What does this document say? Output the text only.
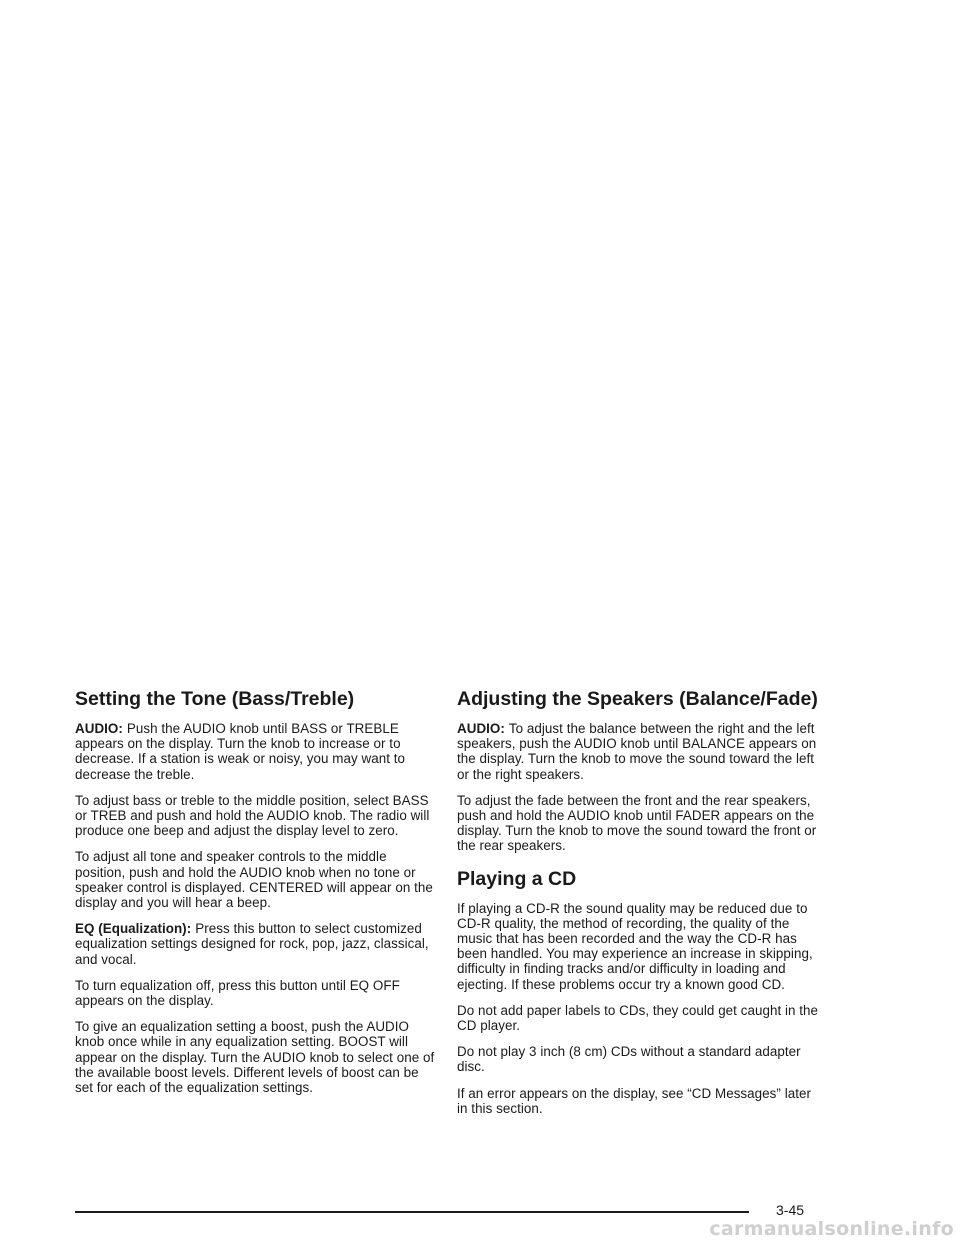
Setting the Tone (Bass/Treble)

AUDIO: Push the AUDIO knob until BASS or TREBLE appears on the display. Turn the knob to increase or to decrease. If a station is weak or noisy, you may want to decrease the treble.

To adjust bass or treble to the middle position, select BASS or TREB and push and hold the AUDIO knob. The radio will produce one beep and adjust the display level to zero.

To adjust all tone and speaker controls to the middle position, push and hold the AUDIO knob when no tone or speaker control is displayed. CENTERED will appear on the display and you will hear a beep.

EQ (Equalization): Press this button to select customized equalization settings designed for rock, pop, jazz, classical, and vocal.

To turn equalization off, press this button until EQ OFF appears on the display.

To give an equalization setting a boost, push the AUDIO knob once while in any equalization setting. BOOST will appear on the display. Turn the AUDIO knob to select one of the available boost levels. Different levels of boost can be set for each of the equalization settings.

Adjusting the Speakers (Balance/Fade)

AUDIO: To adjust the balance between the right and the left speakers, push the AUDIO knob until BALANCE appears on the display. Turn the knob to move the sound toward the left or the right speakers.

To adjust the fade between the front and the rear speakers, push and hold the AUDIO knob until FADER appears on the display. Turn the knob to move the sound toward the front or the rear speakers.

Playing a CD

If playing a CD-R the sound quality may be reduced due to CD-R quality, the method of recording, the quality of the music that has been recorded and the way the CD-R has been handled. You may experience an increase in skipping, difficulty in finding tracks and/or difficulty in loading and ejecting. If these problems occur try a known good CD.

Do not add paper labels to CDs, they could get caught in the CD player.

Do not play 3 inch (8 cm) CDs without a standard adapter disc.

If an error appears on the display, see “CD Messages” later in this section.

3-45
carmanualsonline.info
